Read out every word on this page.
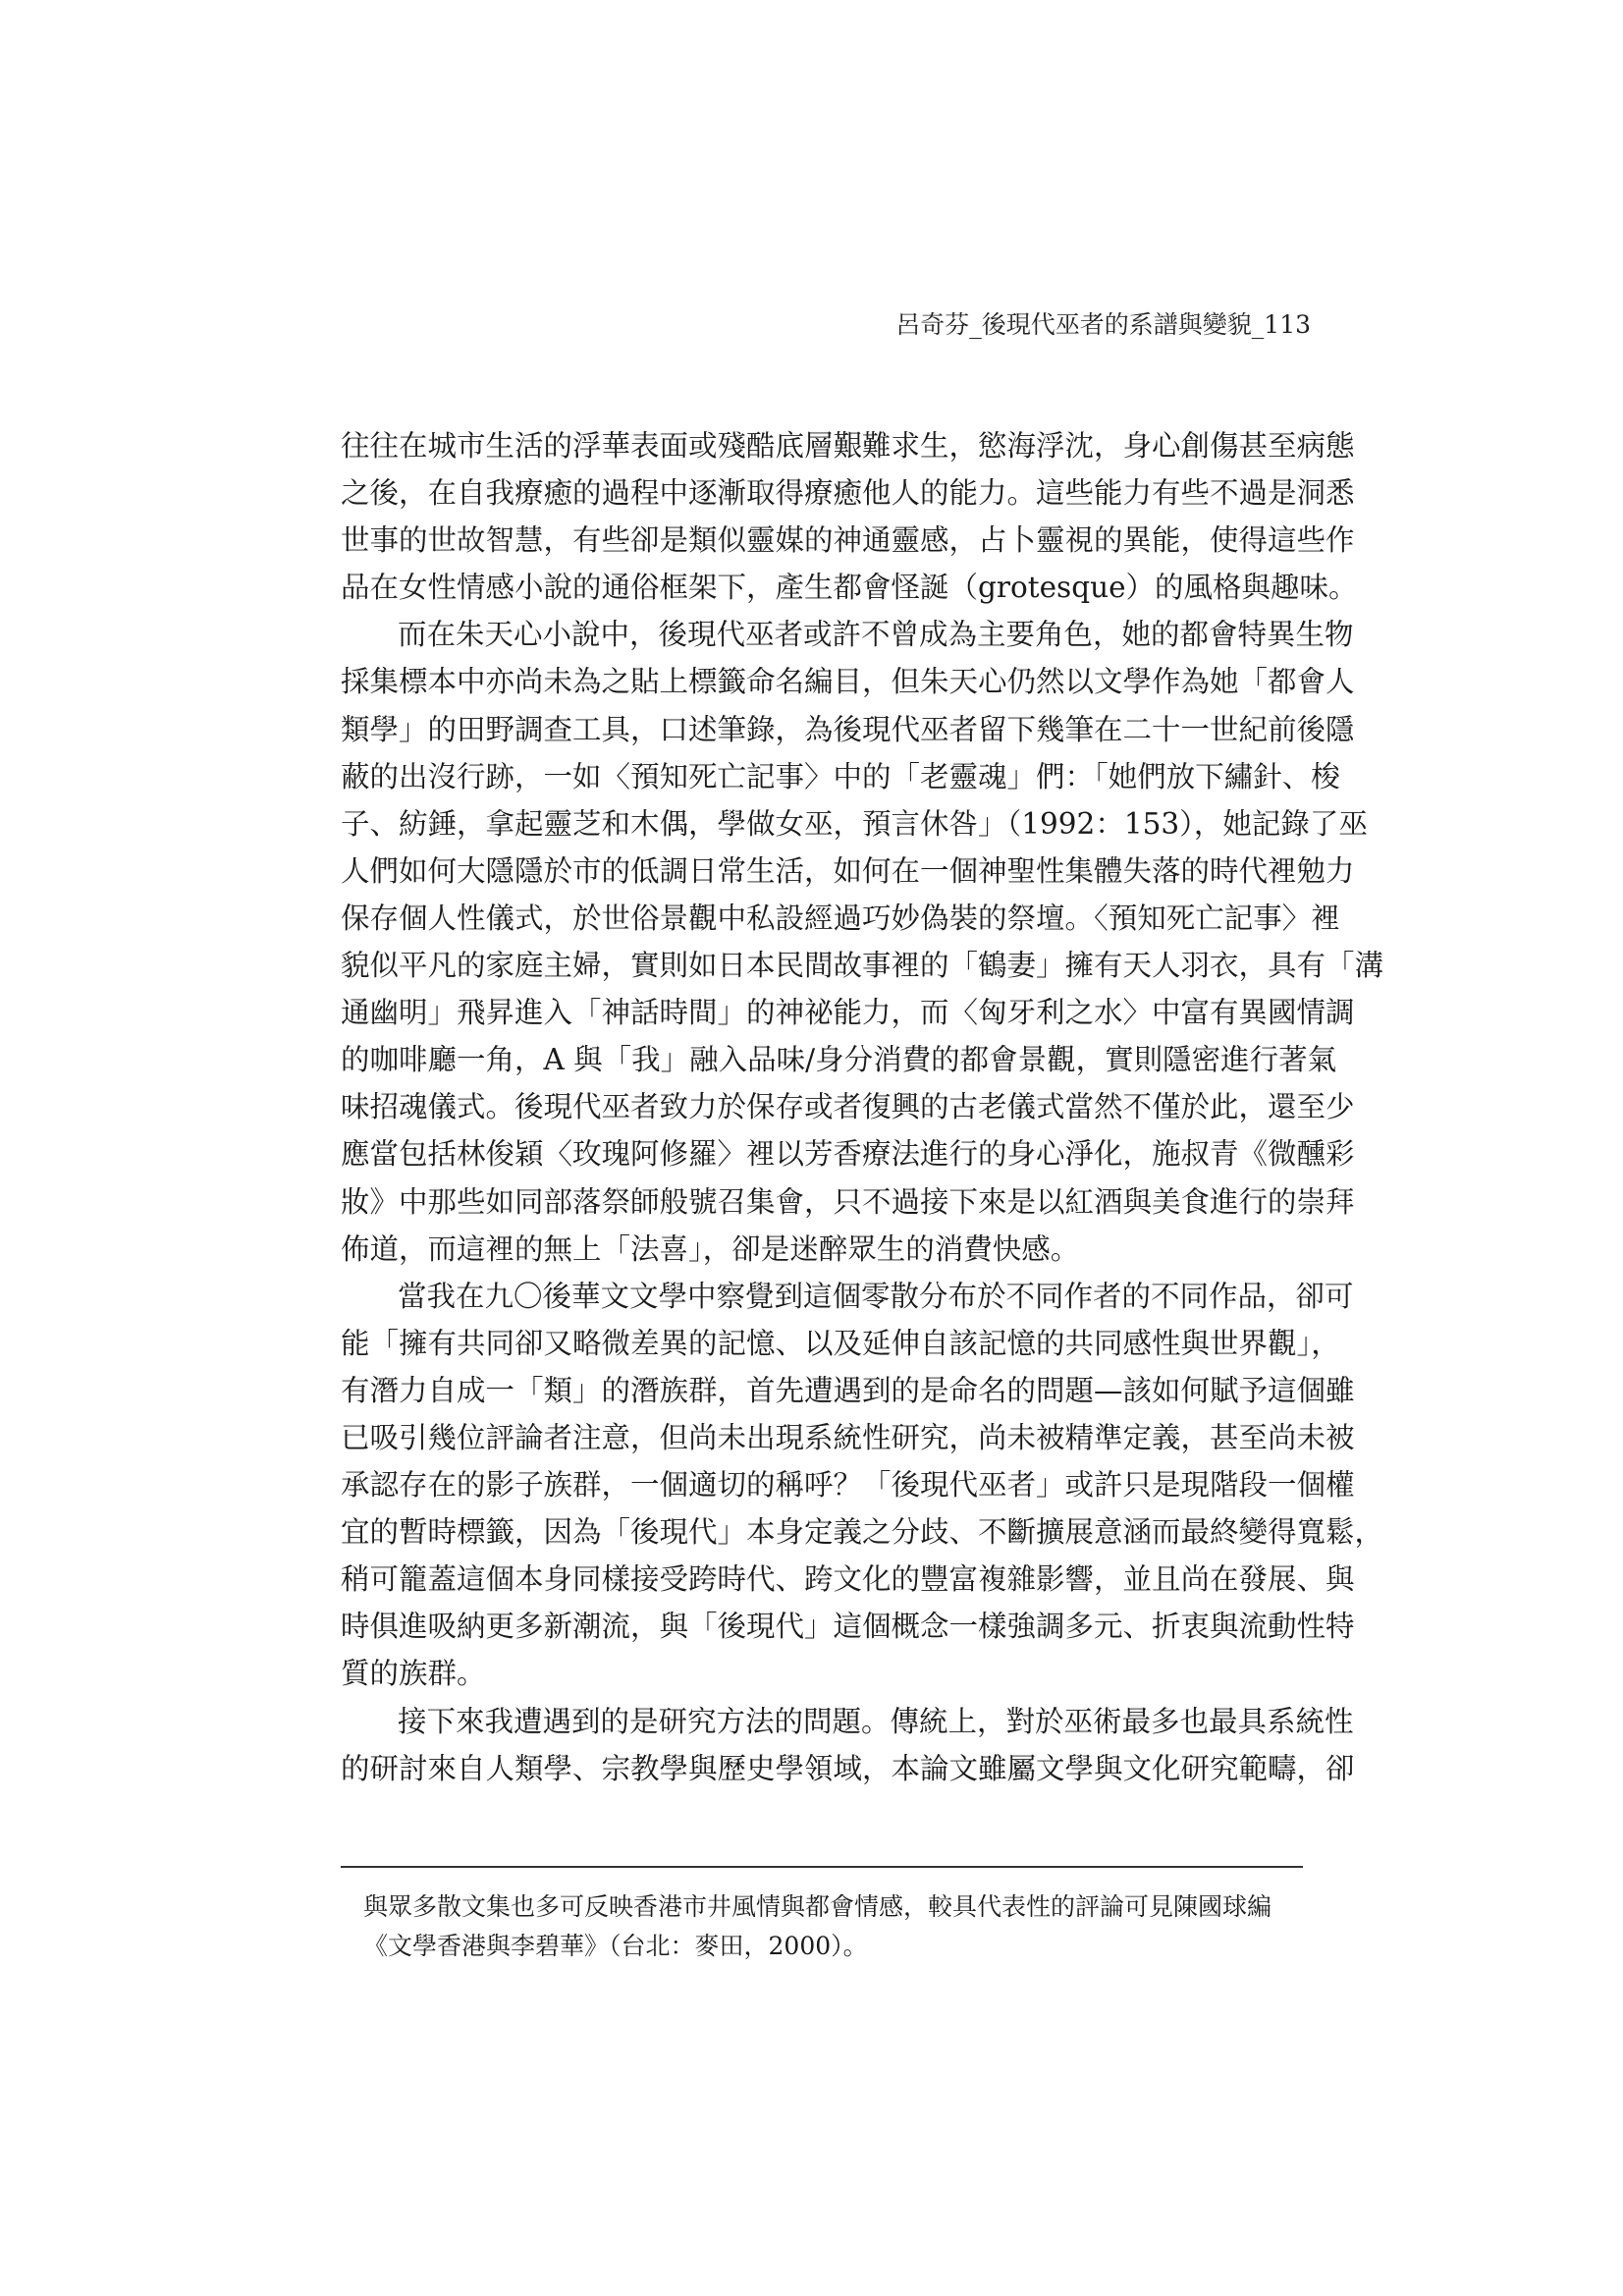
呂奇芬_後現代巫者的系譜與變貌_113
往往在城市生活的浮華表面或殘酷底層艱難求生，慾海浮沈，身心創傷甚至病態
之後，在自我療癒的過程中逐漸取得療癒他人的能力。這些能力有些不過是洞悉
世事的世故智慧，有些卻是類似靈媒的神通靈感，占卜靈視的異能，使得這些作
品在女性情感小說的通俗框架下，產生都會怪誕（grotesque）的風格與趣味。
而在朱天心小說中，後現代巫者或許不曾成為主要角色，她的都會特異生物
採集標本中亦尚未為之貼上標籤命名編目，但朱天心仍然以文學作為她「都會人
類學」的田野調查工具，口述筆錄，為後現代巫者留下幾筆在二十一世紀前後隱
蔽的出沒行跡，一如〈預知死亡記事〉中的「老靈魂」們：「她們放下繡針、梭
子、紡錘，拿起靈芝和木偶，學做女巫，預言休咎」（1992：153），她記錄了巫
人們如何大隱隱於市的低調日常生活，如何在一個神聖性集體失落的時代裡勉力
保存個人性儀式，於世俗景觀中私設經過巧妙偽裝的祭壇。〈預知死亡記事〉裡
貌似平凡的家庭主婦，實則如日本民間故事裡的「鶴妻」擁有天人羽衣，具有「溝
通幽明」飛昇進入「神話時間」的神祕能力，而〈匈牙利之水〉中富有異國情調
的咖啡廳一角，A 與「我」融入品味/身分消費的都會景觀，實則隱密進行著氣
味招魂儀式。後現代巫者致力於保存或者復興的古老儀式當然不僅於此，還至少
應當包括林俊穎〈玫瑰阿修羅〉裡以芳香療法進行的身心淨化，施叔青《微醺彩
妝》中那些如同部落祭師般號召集會，只不過接下來是以紅酒與美食進行的崇拜
佈道，而這裡的無上「法喜」，卻是迷醉眾生的消費快感。
當我在九〇後華文文學中察覺到這個零散分布於不同作者的不同作品，卻可
能「擁有共同卻又略微差異的記憶、以及延伸自該記憶的共同感性與世界觀」，
有潛力自成一「類」的潛族群，首先遭遇到的是命名的問題—該如何賦予這個雖
已吸引幾位評論者注意，但尚未出現系統性研究，尚未被精準定義，甚至尚未被
承認存在的影子族群，一個適切的稱呼？「後現代巫者」或許只是現階段一個權
宜的暫時標籤，因為「後現代」本身定義之分歧、不斷擴展意涵而最終變得寬鬆，
稍可籠蓋這個本身同樣接受跨時代、跨文化的豐富複雜影響，並且尚在發展、與
時俱進吸納更多新潮流，與「後現代」這個概念一樣強調多元、折衷與流動性特
質的族群。
接下來我遭遇到的是研究方法的問題。傳統上，對於巫術最多也最具系統性
的研討來自人類學、宗教學與歷史學領域，本論文雖屬文學與文化研究範疇，卻
與眾多散文集也多可反映香港市井風情與都會情感，較具代表性的評論可見陳國球編
《文學香港與李碧華》（台北：麥田，2000）。
